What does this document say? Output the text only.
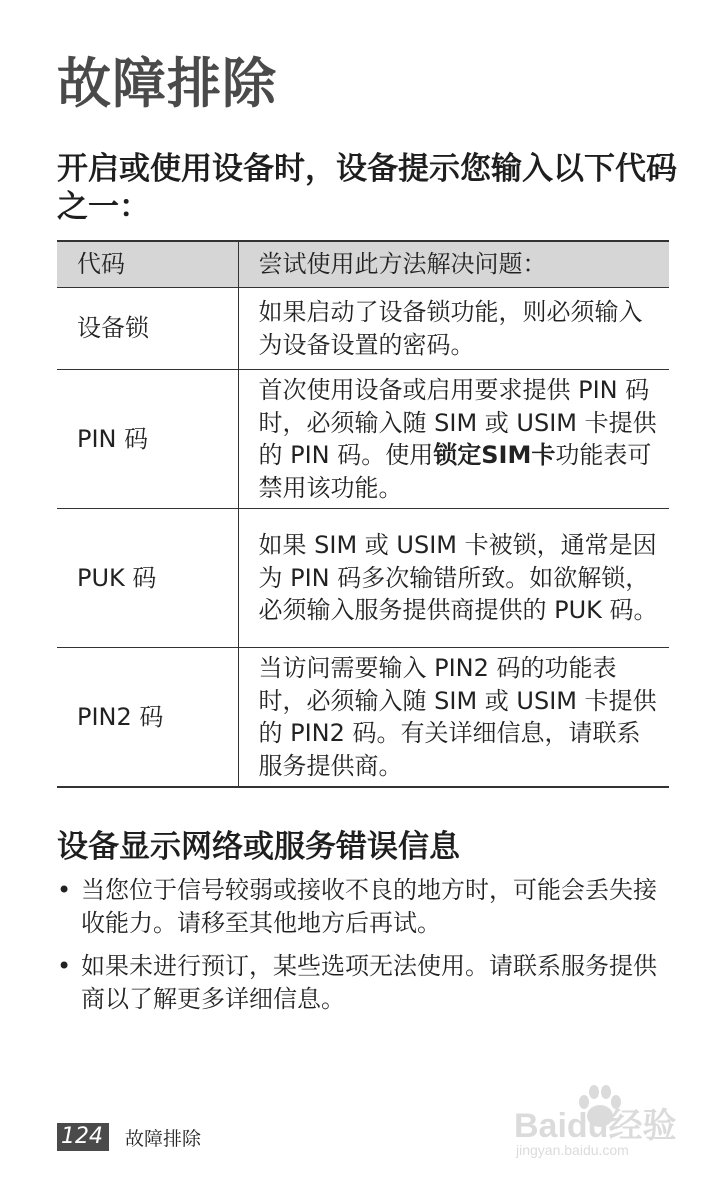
故障排除
开启或使用设备时，设备提示您输入以下代码之一：
代码	尝试使用此方法解决问题：
设备锁	如果启动了设备锁功能，则必须输入为设备设置的密码。
PIN 码	首次使用设备或启用要求提供 PIN 码时，必须输入随 SIM 或 USIM 卡提供的 PIN 码。使用锁定SIM卡功能表可禁用该功能。
PUK 码	如果 SIM 或 USIM 卡被锁，通常是因为 PIN 码多次输错所致。如欲解锁，必须输入服务提供商提供的 PUK 码。
PIN2 码	当访问需要输入 PIN2 码的功能表时，必须输入随 SIM 或 USIM 卡提供的 PIN2 码。有关详细信息，请联系服务提供商。
设备显示网络或服务错误信息
• 当您位于信号较弱或接收不良的地方时，可能会丢失接收能力。请移至其他地方后再试。
• 如果未进行预订，某些选项无法使用。请联系服务提供商以了解更多详细信息。
124	故障排除	Baidu经验
jingyan.baidu.com
